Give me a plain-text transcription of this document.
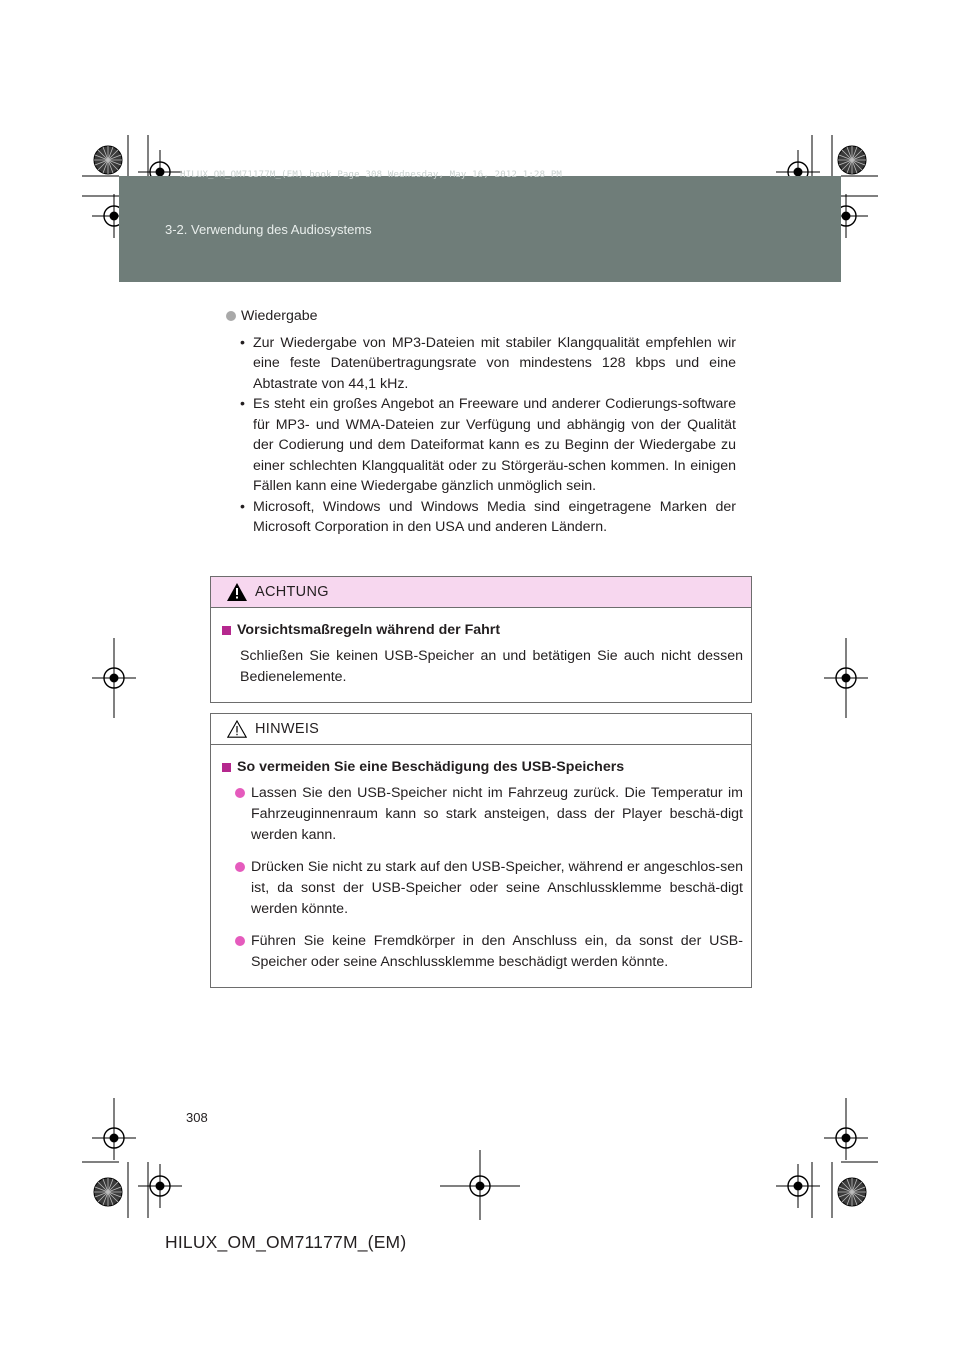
HILUX_OM_OM71177M_(EM).book Page 308 Wednesday, May 16, 2012 1:28 PM
3-2. Verwendung des Audiosystems
Wiedergabe
• Zur Wiedergabe von MP3-Dateien mit stabiler Klangqualität empfehlen wir eine feste Datenübertragungsrate von mindestens 128 kbps und eine Abtastrate von 44,1 kHz.
• Es steht ein großes Angebot an Freeware und anderer Codierungs-software für MP3- und WMA-Dateien zur Verfügung und abhängig von der Qualität der Codierung und dem Dateiformat kann es zu Beginn der Wiedergabe zu einer schlechten Klangqualität oder zu Störgeräu-schen kommen. In einigen Fällen kann eine Wiedergabe gänzlich unmöglich sein.
• Microsoft, Windows und Windows Media sind eingetragene Marken der Microsoft Corporation in den USA und anderen Ländern.
ACHTUNG
Vorsichtsmaßregeln während der Fahrt
Schließen Sie keinen USB-Speicher an und betätigen Sie auch nicht dessen Bedienelemente.
HINWEIS
So vermeiden Sie eine Beschädigung des USB-Speichers
Lassen Sie den USB-Speicher nicht im Fahrzeug zurück. Die Temperatur im Fahrzeuginnenraum kann so stark ansteigen, dass der Player beschä-digt werden kann.
Drücken Sie nicht zu stark auf den USB-Speicher, während er angeschlos-sen ist, da sonst der USB-Speicher oder seine Anschlussklemme beschä-digt werden könnte.
Führen Sie keine Fremdkörper in den Anschluss ein, da sonst der USB-Speicher oder seine Anschlussklemme beschädigt werden könnte.
308
HILUX_OM_OM71177M_(EM)
